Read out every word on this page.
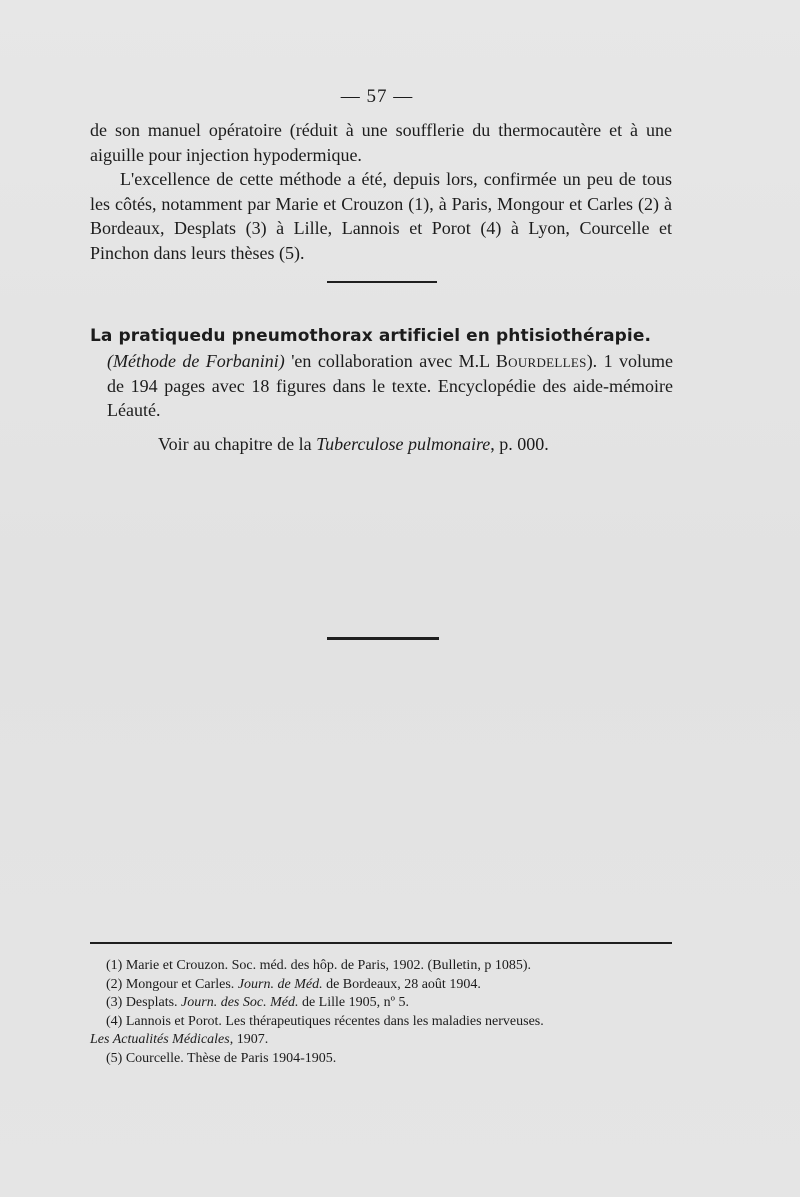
— 57 —
de son manuel opératoire (réduit à une soufflerie du thermocautère et à une aiguille pour injection hypodermique.
L'excellence de cette méthode a été, depuis lors, confirmée un peu de tous les côtés, notamment par Marie et Crouzon (1), à Paris, Mongour et Carles (2) à Bordeaux, Desplats (3) à Lille, Lannois et Porot (4) à Lyon, Courcelle et Pinchon dans leurs thèses (5).
La pratiquedu pneumothorax artificiel en phtisiothérapie.
(Méthode de Forbanini) 'en collaboration avec M.L Bourdelles). 1 volume de 194 pages avec 18 figures dans le texte. Encyclopédie des aide-mémoire Léauté.
Voir au chapitre de la Tuberculose pulmonaire, p. 000.
(1) Marie et Crouzon. Soc. méd. des hôp. de Paris, 1902. (Bulletin, p 1085).
(2) Mongour et Carles. Journ. de Méd. de Bordeaux, 28 août 1904.
(3) Desplats. Journ. des Soc. Méd. de Lille 1905, nº 5.
(4) Lannois et Porot. Les thérapeutiques récentes dans les maladies nerveuses.
Les Actualités Médicales, 1907.
(5) Courcelle. Thèse de Paris 1904-1905.
